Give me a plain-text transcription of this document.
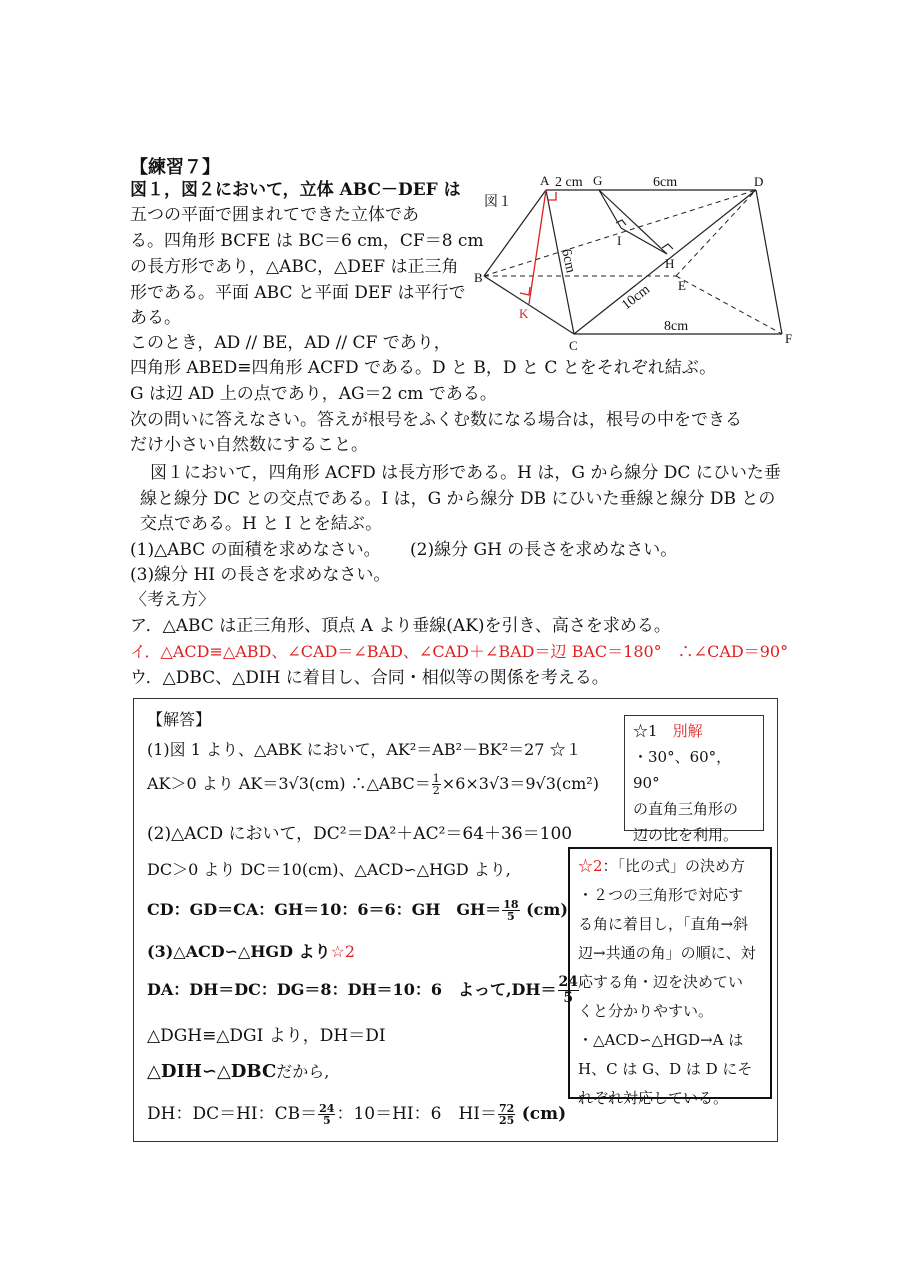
【練習７】
図１，図２において，立体 ABC－DEF は
五つの平面で囲まれてできた立体であ
る。四角形 BCFE は BC＝6 cm，CF＝8 cm
の長方形であり，△ABC，△DEF は正三角
形である。平面 ABC と平面 DEF は平行で
ある。
このとき，AD // BE，AD // CF であり，
四角形 ABED≡四角形 ACFD である。D と B，D と C とをそれぞれ結ぶ。
G は辺 AD 上の点であり，AG＝2 cm である。
次の問いに答えなさい。答えが根号をふくむ数になる場合は，根号の中をできる
だけ小さい自然数にすること。
図１
A	G	D
B
C
E
F
H
I
K
2 cm	6cm
8cm
6cm
10cm
図１において，四角形 ACFD は長方形である。H は，G から線分 DC にひいた垂
線と線分 DC との交点である。I は，G から線分 DB にひいた垂線と線分 DB との
交点である。H と I とを結ぶ。
(1)△ABC の面積を求めなさい。 (2)線分 GH の長さを求めなさい。
(3)線分 HI の長さを求めなさい。
〈考え方〉
ア．△ABC は正三角形、頂点 A より垂線(AK)を引き、高さを求める。
イ．△ACD≡△ABD、∠CAD＝∠BAD、∠CAD＋∠BAD＝辺 BAC＝180°　∴∠CAD＝90°
ウ．△DBC、△DIH に着目し、合同・相似等の関係を考える。
【解答】
(1)図 1 より、△ABK において，AK²＝AB²－BK²＝27 ☆１
AK＞0 より AK＝3√3(cm) ∴△ABC＝ $\frac{1}{2} \times 6\times 3√3=9√3(cm^2)$
(2)△ACD において，DC²＝DA²＋AC²＝64＋36＝100
DC＞0 より DC＝10(cm)、△ACD∽△HGD より,
CD：GD＝CA：GH＝10：6＝6：GH　$GH= \frac{18}{5} (cm)$
(3)△ACD∽△HGD より☆2
DA：DH＝DC：DG＝8：DH＝10：6　よって$,DH= \frac{24}{5}$
△DGH≡△DGI より，DH＝DI
△DIH∽△DBCだから,
DH：DC＝HI：$CB= \frac{24}{5}$ ：10＝HI：6　$HI= \frac{72}{25} (cm)$
☆1　 別解
・30°、60°，90°
の直角三角形の
辺の比を利用。
☆2：「比の式」の決め方
・２つの三角形で対応す
る角に着目し，「直角→斜
辺→共通の角」の順に、対
応する角・辺を決めてい
くと分かりやすい。
・△ACD∽△HGD→A は
H、C は G、D は D にそ
れぞれ対応している。
